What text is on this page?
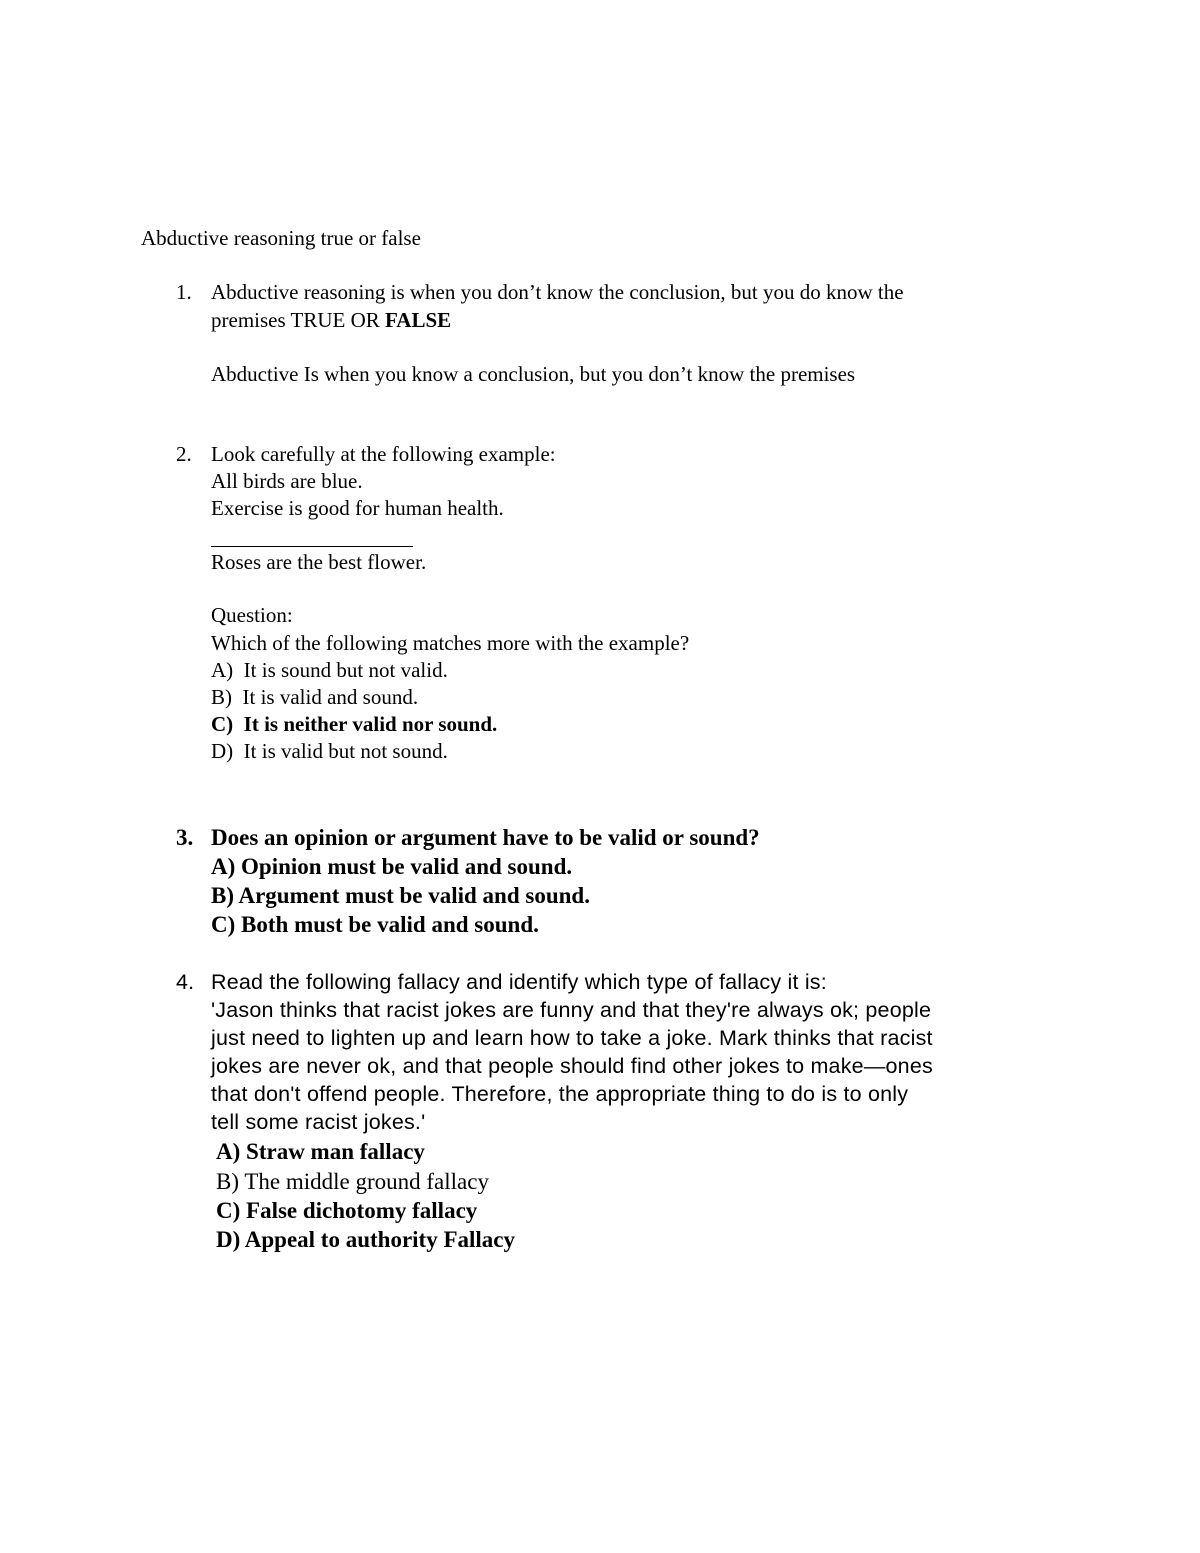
Abductive reasoning true or false
1. Abductive reasoning is when you don’t know the conclusion, but you do know the
premises TRUE OR FALSE
Abductive Is when you know a conclusion, but you don’t know the premises
2. Look carefully at the following example:
All birds are blue.
Exercise is good for human health.
Roses are the best flower.
Question:
Which of the following matches more with the example?
A) It is sound but not valid.
B) It is valid and sound.
C) It is neither valid nor sound.
D) It is valid but not sound.
3. Does an opinion or argument have to be valid or sound?
A) Opinion must be valid and sound.
B) Argument must be valid and sound.
C) Both must be valid and sound.
4. Read the following fallacy and identify which type of fallacy it is:
'Jason thinks that racist jokes are funny and that they're always ok; people
just need to lighten up and learn how to take a joke. Mark thinks that racist
jokes are never ok, and that people should find other jokes to make—ones
that don't offend people. Therefore, the appropriate thing to do is to only
tell some racist jokes.'
A) Straw man fallacy
B) The middle ground fallacy
C) False dichotomy fallacy
D) Appeal to authority Fallacy
